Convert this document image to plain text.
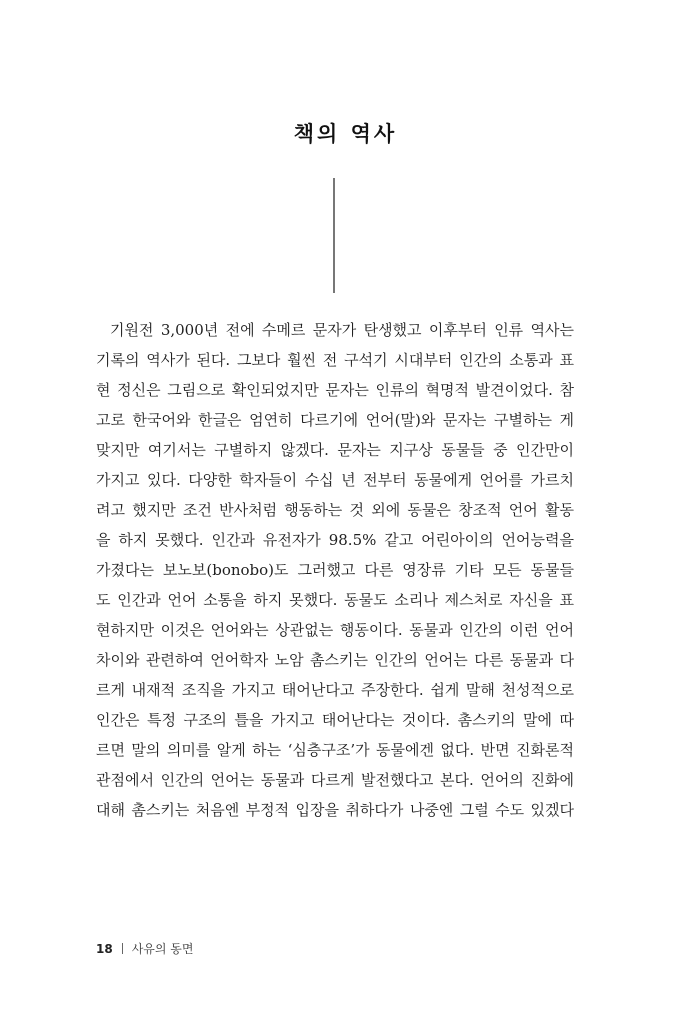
책의 역사
기원전 3,000년 전에 수메르 문자가 탄생했고 이후부터 인류 역사는
기록의 역사가 된다. 그보다 훨씬 전 구석기 시대부터 인간의 소통과 표
현 정신은 그림으로 확인되었지만 문자는 인류의 혁명적 발견이었다. 참
고로 한국어와 한글은 엄연히 다르기에 언어(말)와 문자는 구별하는 게
맞지만 여기서는 구별하지 않겠다. 문자는 지구상 동물들 중 인간만이
가지고 있다. 다양한 학자들이 수십 년 전부터 동물에게 언어를 가르치
려고 했지만 조건 반사처럼 행동하는 것 외에 동물은 창조적 언어 활동
을 하지 못했다. 인간과 유전자가 98.5% 같고 어린아이의 언어능력을
가졌다는 보노보(bonobo)도 그러했고 다른 영장류 기타 모든 동물들
도 인간과 언어 소통을 하지 못했다. 동물도 소리나 제스처로 자신을 표
현하지만 이것은 언어와는 상관없는 행동이다. 동물과 인간의 이런 언어
차이와 관련하여 언어학자 노암 촘스키는 인간의 언어는 다른 동물과 다
르게 내재적 조직을 가지고 태어난다고 주장한다. 쉽게 말해 천성적으로
인간은 특정 구조의 틀을 가지고 태어난다는 것이다. 촘스키의 말에 따
르면 말의 의미를 알게 하는 ‘심층구조’가 동물에겐 없다. 반면 진화론적
관점에서 인간의 언어는 동물과 다르게 발전했다고 본다. 언어의 진화에
대해 촘스키는 처음엔 부정적 입장을 취하다가 나중엔 그럴 수도 있겠다
18 사유의 동면
